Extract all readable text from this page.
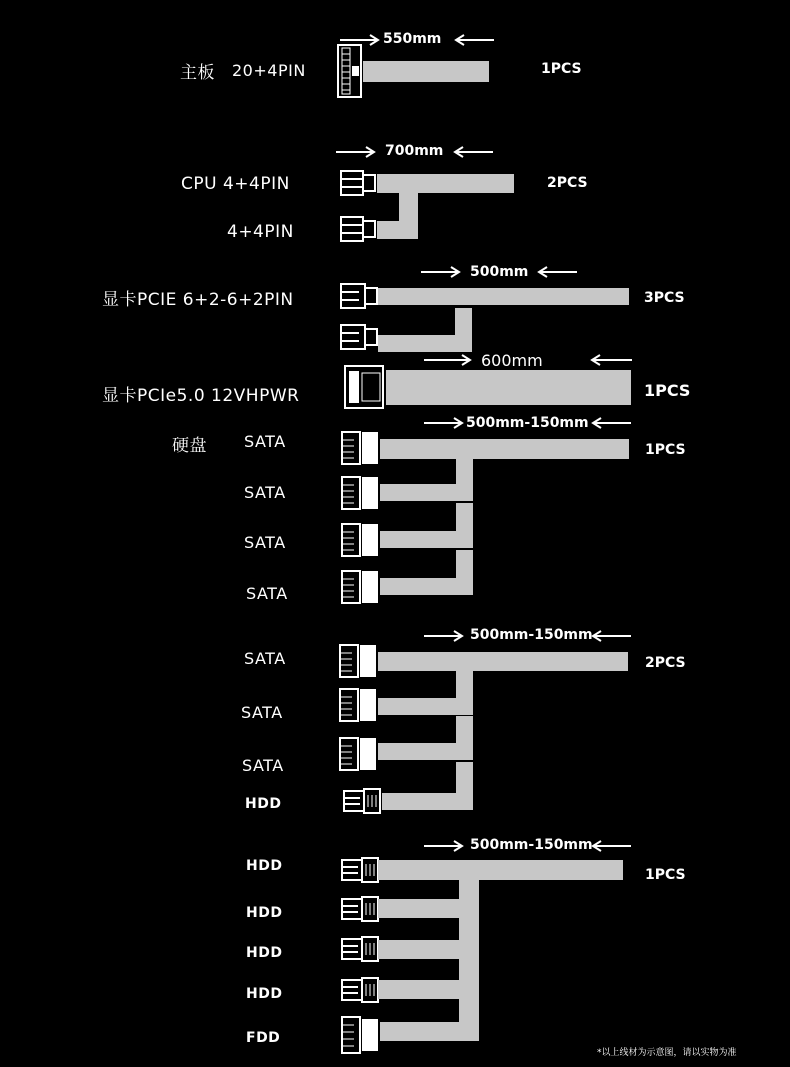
主板 20+4PIN
550mm
1PCS
CPU 4+4PIN
4+4PIN
700mm
2PCS
显卡PCIE 6+2-6+2PIN
500mm
3PCS
显卡PCIe5.0 12VHPWR
600mm
1PCS
硬盘 SATA
SATA
SATA
SATA
500mm-150mm
1PCS
SATA
SATA
SATA
HDD
500mm-150mm
2PCS
HDD
HDD
HDD
HDD
FDD
500mm-150mm
1PCS
*以上线材为示意图，请以实物为准
